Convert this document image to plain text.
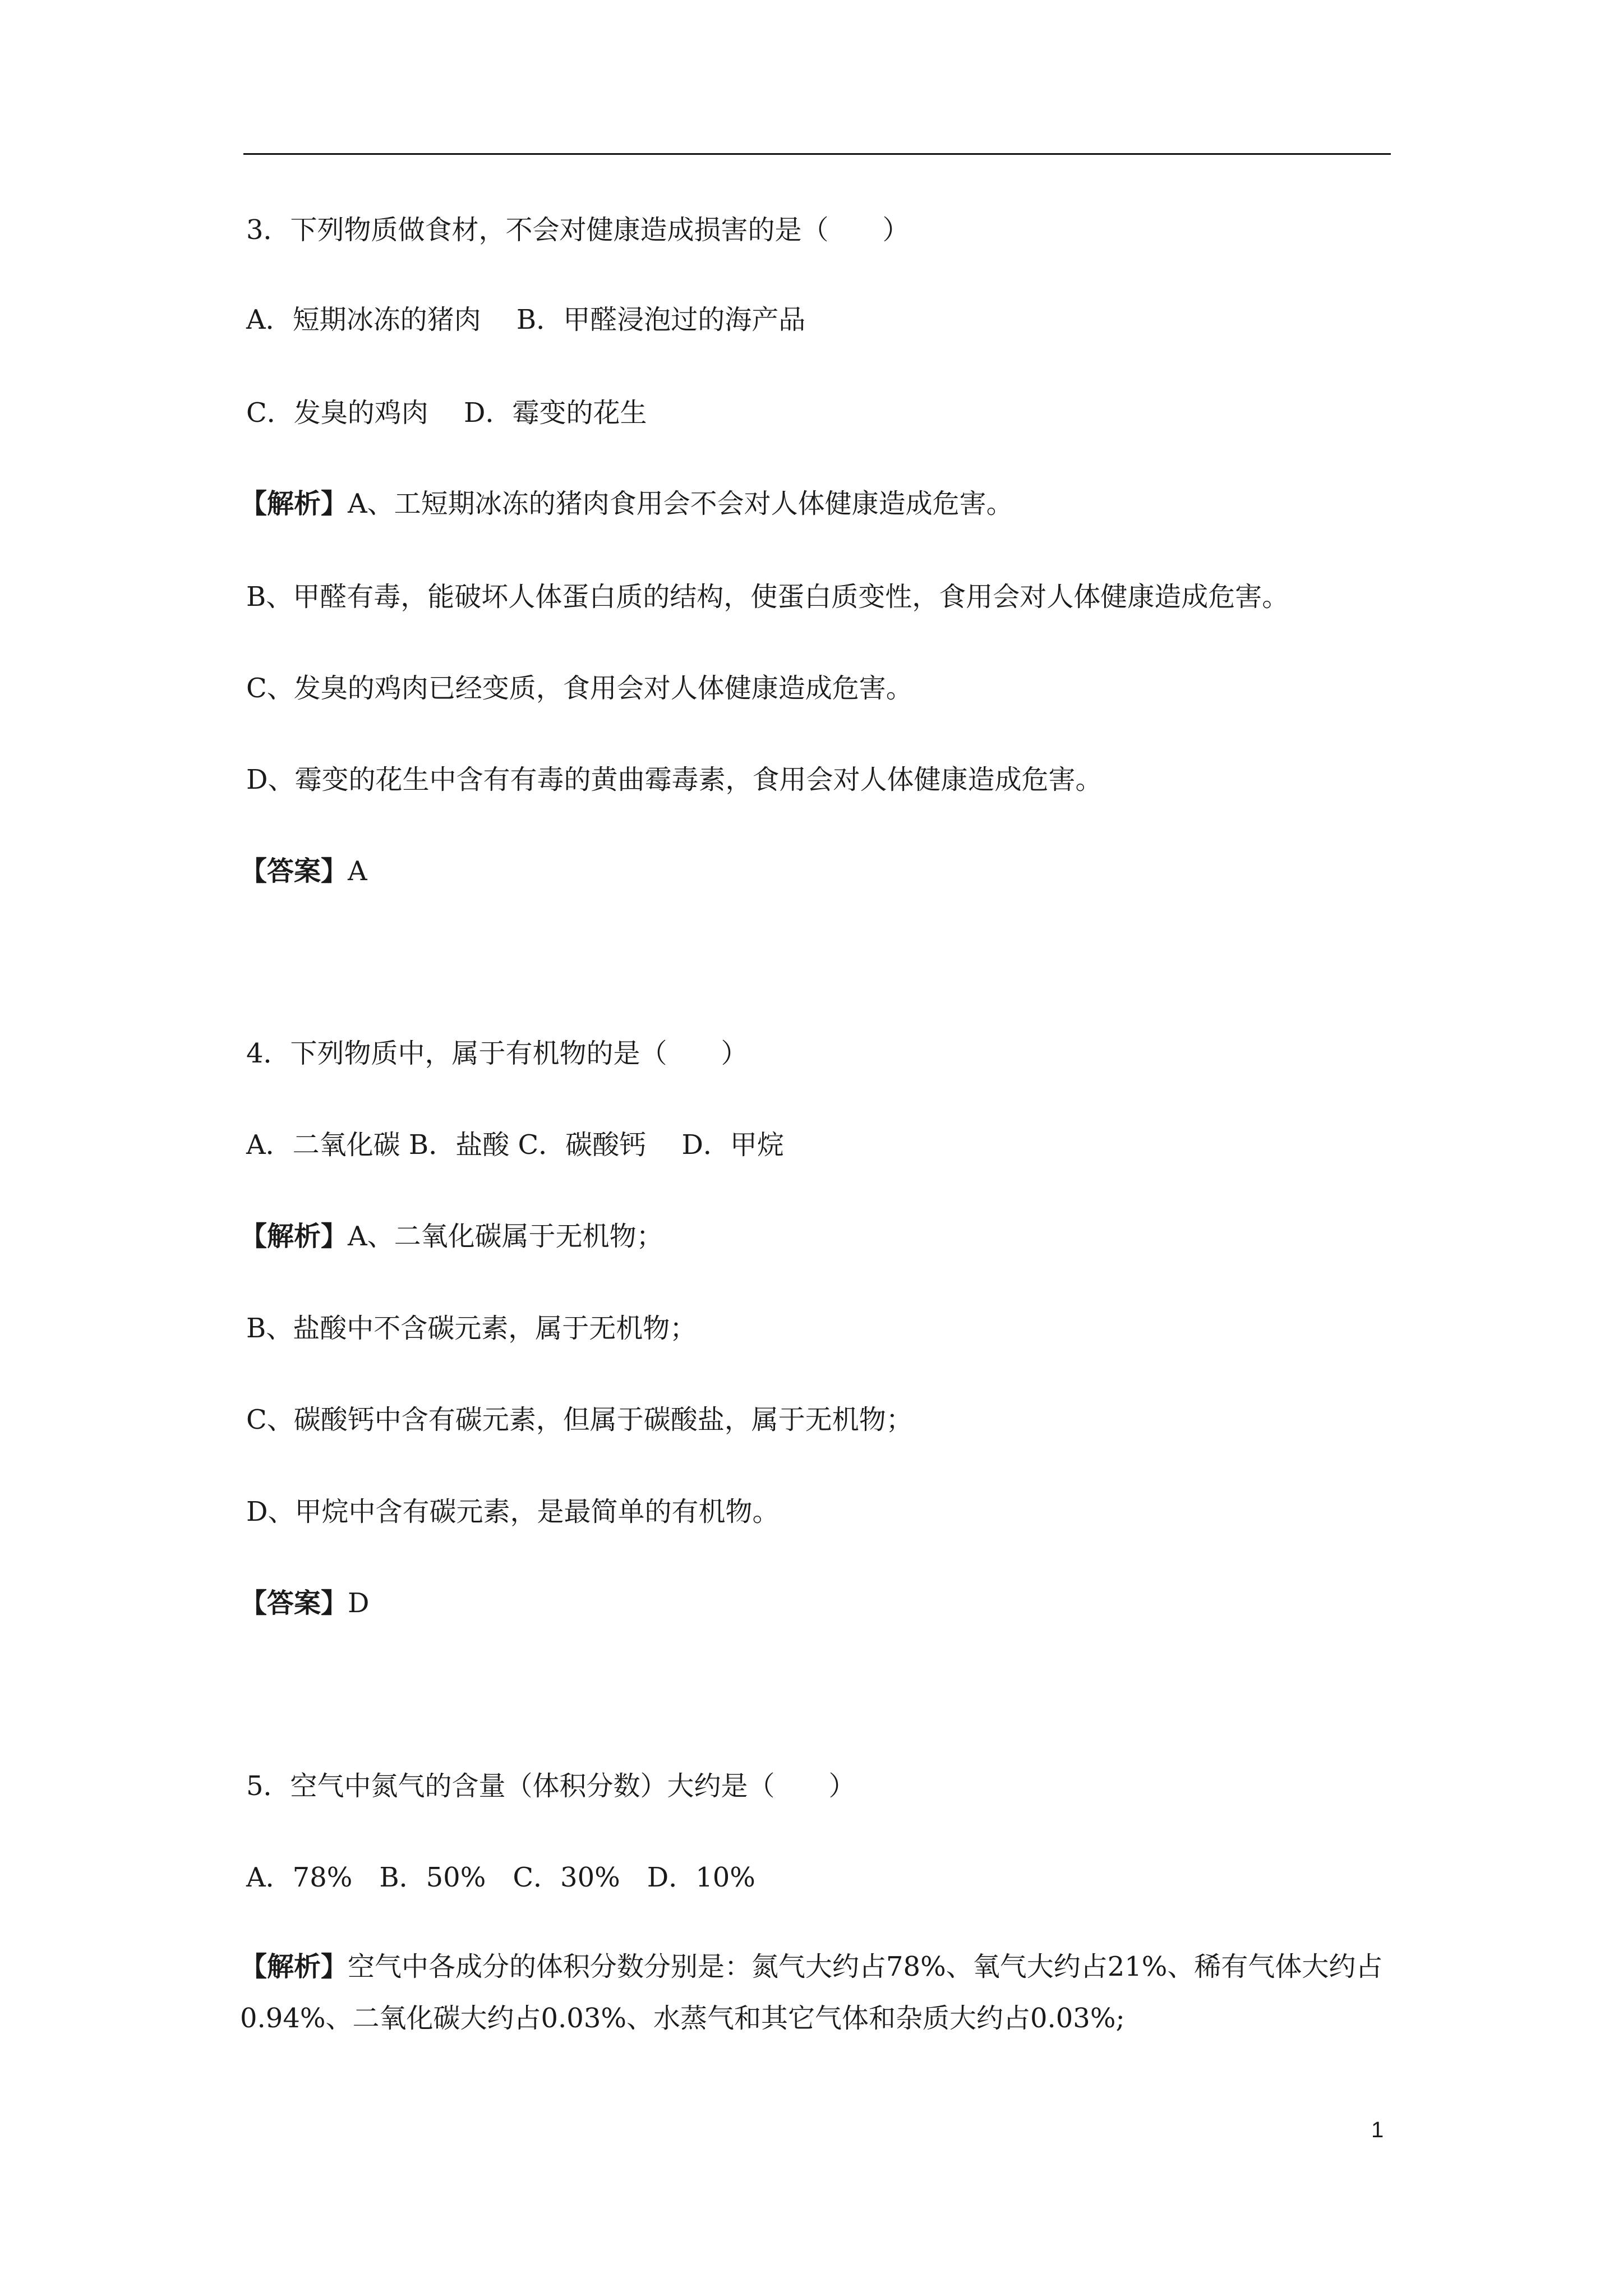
3．下列物质做食材，不会对健康造成损害的是（　　）
A．短期冰冻的猪肉　 B．甲醛浸泡过的海产品
C．发臭的鸡肉　 D．霉变的花生
【解析】A、工短期冰冻的猪肉食用会不会对人体健康造成危害。
B、甲醛有毒，能破坏人体蛋白质的结构，使蛋白质变性，食用会对人体健康造成危害。
C、发臭的鸡肉已经变质，食用会对人体健康造成危害。
D、霉变的花生中含有有毒的黄曲霉毒素，食用会对人体健康造成危害。
【答案】A
4．下列物质中，属于有机物的是（　　）
A．二氧化碳 B．盐酸 C．碳酸钙　 D．甲烷
【解析】A、二氧化碳属于无机物；
B、盐酸中不含碳元素，属于无机物；
C、碳酸钙中含有碳元素，但属于碳酸盐，属于无机物；
D、甲烷中含有碳元素，是最简单的有机物。
【答案】D
5．空气中氮气的含量（体积分数）大约是（　　）
A．78%　B．50%　C．30%　D．10%
【解析】空气中各成分的体积分数分别是：氮气大约占78%、氧气大约占21%、稀有气体大约占0.94%、二氧化碳大约占0.03%、水蒸气和其它气体和杂质大约占0.03%;
1
